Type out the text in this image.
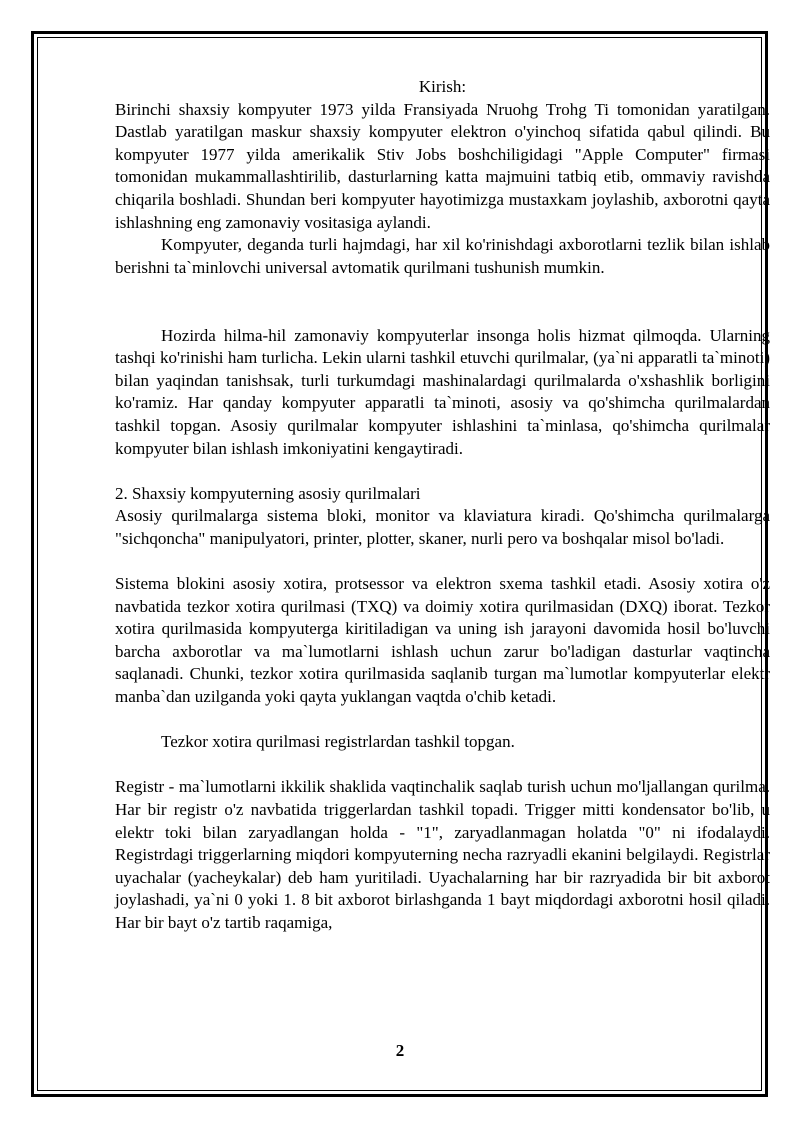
Kirish:

Birinchi shaxsiy kompyuter 1973 yilda Fransiyada Nruohg Trohg Ti tomonidan yaratilgan. Dastlab yaratilgan maskur shaxsiy kompyuter elektron o'yinchoq sifatida qabul qilindi. Bu kompyuter 1977 yilda amerikalik Stiv Jobs boshchiligidagi "Apple Computer" firmasi tomonidan mukammallashtirilib, dasturlarning katta majmuini tatbiq etib, ommaviy ravishda chiqarila boshladi. Shundan beri kompyuter hayotimizga mustaxkam joylashib, axborotni qayta ishlashning eng zamonaviy vositasiga aylandi.

Kompyuter, deganda turli hajmdagi, har xil ko'rinishdagi axborotlarni tezlik bilan ishlab berishni ta`minlovchi universal avtomatik qurilmani tushunish mumkin.

Hozirda hilma-hil zamonaviy kompyuterlar insonga holis hizmat qilmoqda. Ularning tashqi ko'rinishi ham turlicha. Lekin ularni tashkil etuvchi qurilmalar, (ya`ni apparatli ta`minoti) bilan yaqindan tanishsak, turli turkumdagi mashinalardagi qurilmalarda o'xshashlik borligini ko'ramiz. Har qanday kompyuter apparatli ta`minoti, asosiy va qo'shimcha qurilmalardan tashkil topgan. Asosiy qurilmalar kompyuter ishlashini ta`minlasa, qo'shimcha qurilmalar kompyuter bilan ishlash imkoniyatini kengaytiradi.

2. Shaxsiy kompyuterning asosiy qurilmalari

Asosiy qurilmalarga sistema bloki, monitor va klaviatura kiradi. Qo'shimcha qurilmalarga "sichqoncha" manipulyatori, printer, plotter, skaner, nurli pero va boshqalar misol bo'ladi.

Sistema blokini asosiy xotira, protsessor va elektron sxema tashkil etadi. Asosiy xotira o'z navbatida tezkor xotira qurilmasi (TXQ) va doimiy xotira qurilmasidan (DXQ) iborat. Tezkor xotira qurilmasida kompyuterga kiritiladigan va uning ish jarayoni davomida hosil bo'luvchi barcha axborotlar va ma`lumotlarni ishlash uchun zarur bo'ladigan dasturlar vaqtincha saqlanadi. Chunki, tezkor xotira qurilmasida saqlanib turgan ma`lumotlar kompyuterlar elektr manba`dan uzilganda yoki qayta yuklangan vaqtda o'chib ketadi.

Tezkor xotira qurilmasi registrlardan tashkil topgan.

Registr - ma`lumotlarni ikkilik shaklida vaqtinchalik saqlab turish uchun mo'ljallangan qurilma. Har bir registr o'z navbatida triggerlardan tashkil topadi. Trigger mitti kondensator bo'lib, u elektr toki bilan zaryadlangan holda - "1", zaryadlanmagan holatda "0" ni ifodalaydi. Registrdagi triggerlarning miqdori kompyuterning necha razryadli ekanini belgilaydi. Registrlar uyachalar (yacheykalar) deb ham yuritiladi. Uyachalarning har bir razryadida bir bit axborot joylashadi, ya`ni 0 yoki 1. 8 bit axborot birlashganda 1 bayt miqdordagi axborotni hosil qiladi. Har bir bayt o'z tartib raqamiga,

2
